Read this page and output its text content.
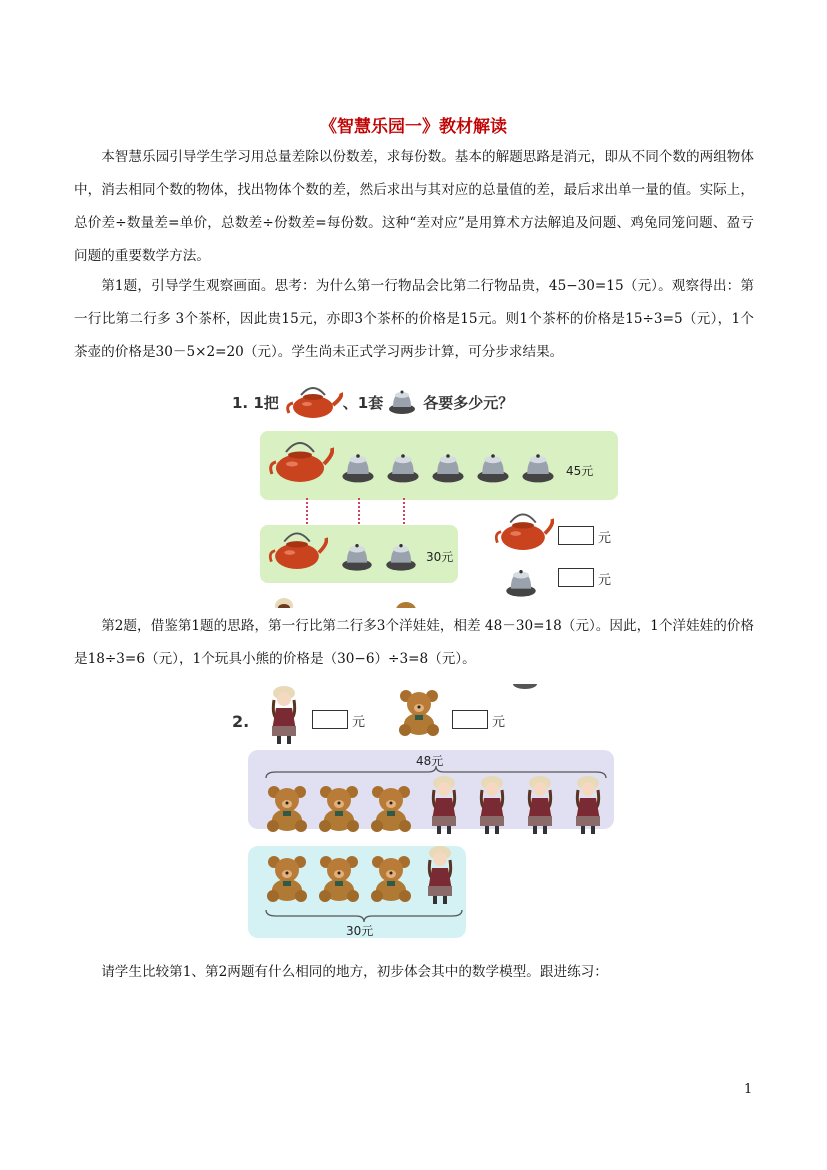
《智慧乐园一》教材解读

本智慧乐园引导学生学习用总量差除以份数差，求每份数。基本的解题思路是消元，即从不同个数的两组物体中，消去相同个数的物体，找出物体个数的差，然后求出与其对应的总量值的差，最后求出单一量的值。实际上，总价差÷数量差=单价，总数差÷份数差=每份数。这种“差对应”是用算术方法解追及问题、鸡兔同笼问题、盈亏问题的重要数学方法。

第1题，引导学生观察画面。思考：为什么第一行物品会比第二行物品贵，45−30=15（元）。观察得出：第一行比第二行多 3个茶杯，因此贵15元，亦即3个茶杯的价格是15元。则1个茶杯的价格是15÷3=5（元），1个茶壶的价格是30－5×2=20（元）。学生尚未正式学习两步计算，可分步求结果。

1. 1把	、1套	各要多少元？
45元
30元
元
元

第2题，借鉴第1题的思路，第一行比第二行多3个洋娃娃，相差 48－30=18（元）。因此，1个洋娃娃的价格是18÷3=6（元），1个玩具小熊的价格是（30−6）÷3=8（元）。

2.	元	元
48元
30元

请学生比较第1、第2两题有什么相同的地方，初步体会其中的数学模型。跟进练习：

1
